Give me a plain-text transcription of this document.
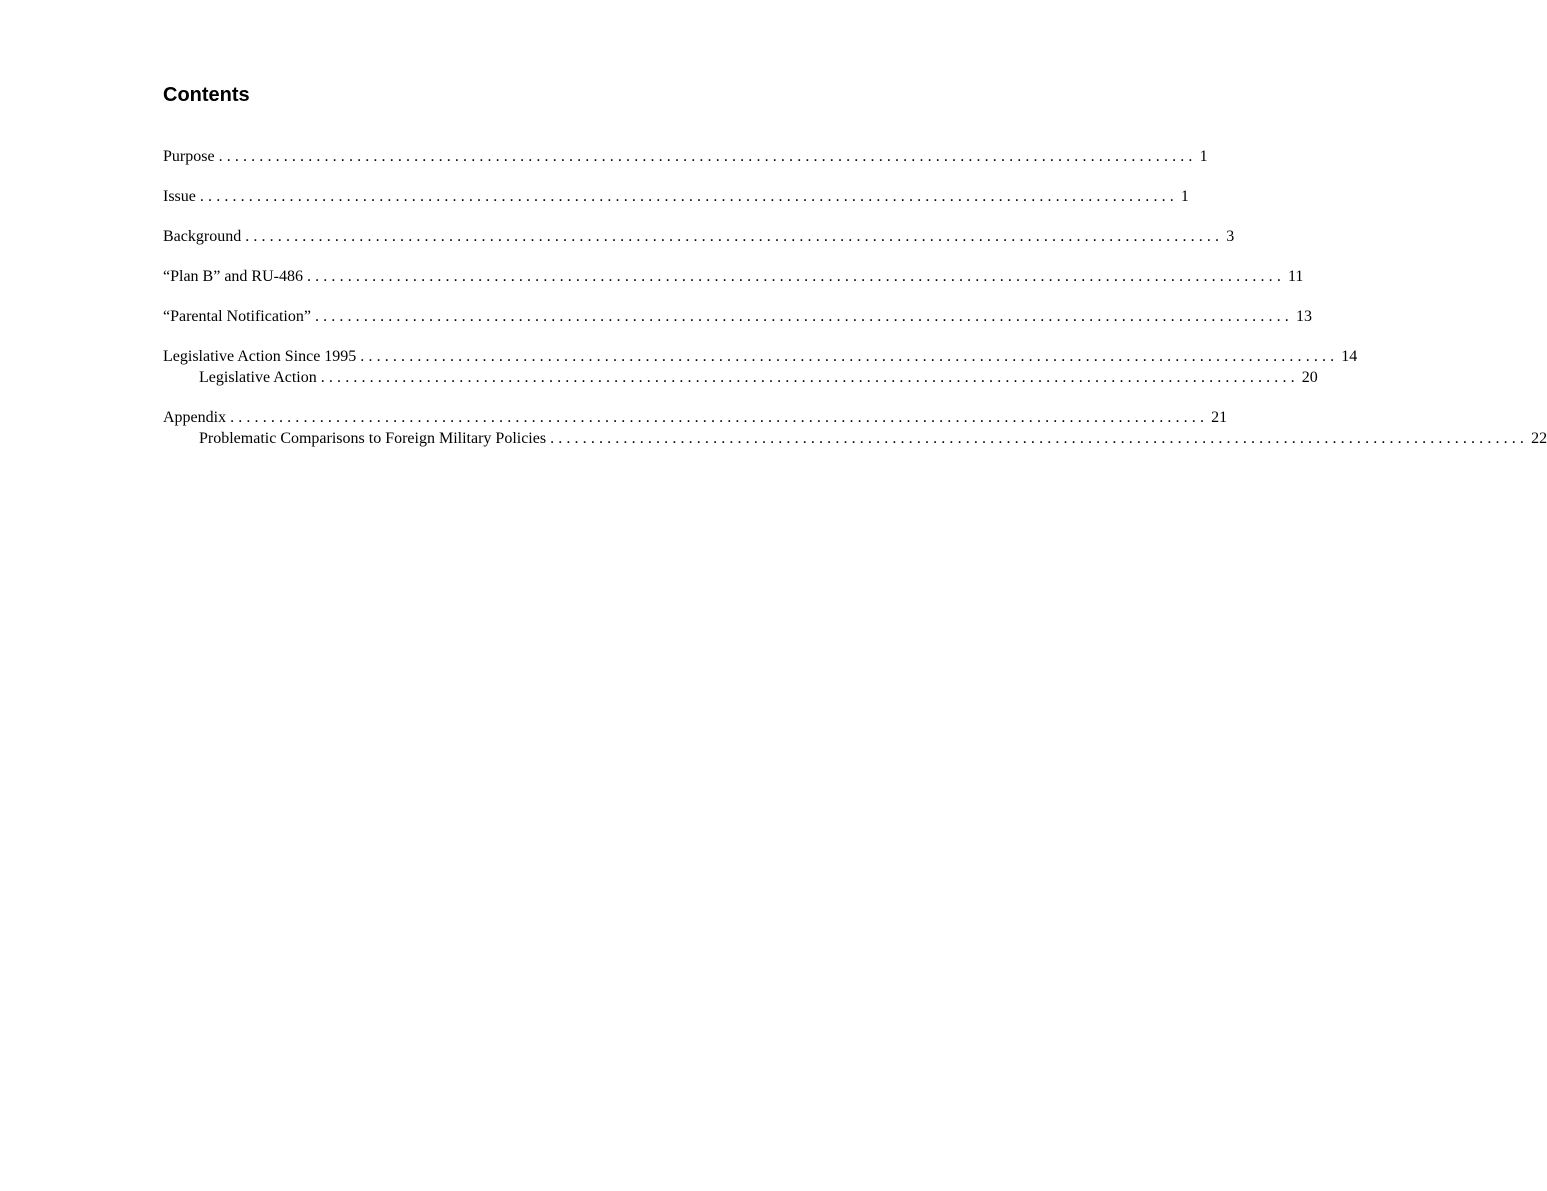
Contents
Purpose ........................................................................................................................ 1
Issue ........................................................................................................................ 1
Background ........................................................................................................................ 3
“Plan B” and RU-486 ........................................................................................................................ 11
“Parental Notification” ........................................................................................................................ 13
Legislative Action Since 1995 ........................................................................................................................ 14
Legislative Action ........................................................................................................................ 20
Appendix ........................................................................................................................ 21
Problematic Comparisons to Foreign Military Policies ........................................................................................................................ 22
